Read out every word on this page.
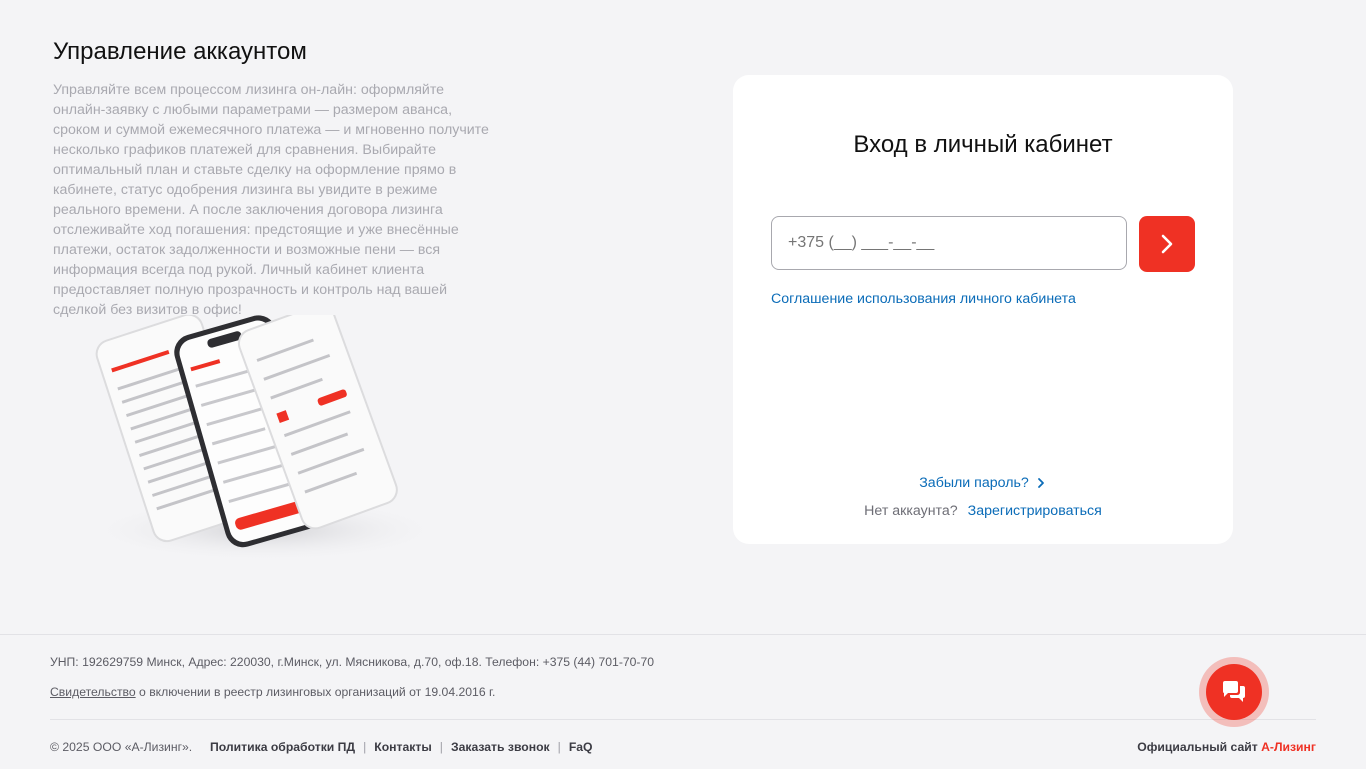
Управление аккаунтом

Управляйте всем процессом лизинга он-лайн: оформляйте онлайн-заявку с любыми параметрами — размером аванса, сроком и суммой ежемесячного платежа — и мгновенно получите несколько графиков платежей для сравнения. Выбирайте оптимальный план и ставьте сделку на оформление прямо в кабинете, статус одобрения лизинга вы увидите в режиме реального времени. А после заключения договора лизинга отслеживайте ход погашения: предстоящие и уже внесённые платежи, остаток задолженности и возможные пени — вся информация всегда под рукой. Личный кабинет клиента предоставляет полную прозрачность и контроль над вашей сделкой без визитов в офис!

Вход в личный кабинет
+375 (__) ___-__-__
Соглашение использования личного кабинета
Забыли пароль?
Нет аккаунта? Зарегистрироваться
УНП: 192629759 Минск, Адрес: 220030, г.Минск, ул. Мясникова, д.70, оф.18. Телефон: +375 (44) 701-70-70
Свидетельство о включении в реестр лизинговых организаций от 19.04.2016 г.
© 2025 ООО «А-Лизинг». Политика обработки ПД | Контакты | Заказать звонок | FaQ	Официальный сайт А-Лизинг
